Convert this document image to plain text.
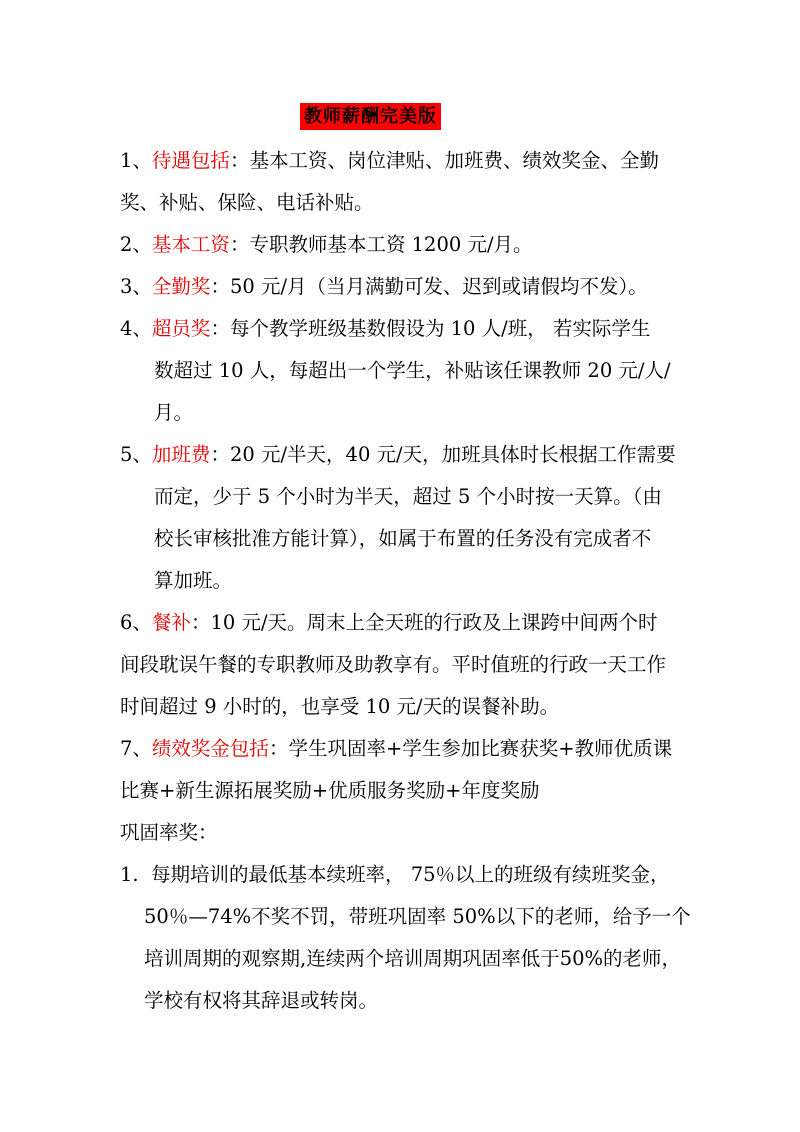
教师薪酬完美版
1、待遇包括：基本工资、岗位津贴、加班费、绩效奖金、全勤
奖、补贴、保险、电话补贴。
2、基本工资：专职教师基本工资 1200 元/月。
3、全勤奖：50 元/月（当月满勤可发、迟到或请假均不发）。
4、超员奖：每个教学班级基数假设为 10 人/班， 若实际学生
数超过 10 人，每超出一个学生，补贴该任课教师 20 元/人/
月。
5、加班费：20 元/半天，40 元/天，加班具体时长根据工作需要
而定，少于 5 个小时为半天，超过 5 个小时按一天算。（由
校长审核批准方能计算），如属于布置的任务没有完成者不
算加班。
6、餐补：10 元/天。周末上全天班的行政及上课跨中间两个时
间段耽误午餐的专职教师及助教享有。平时值班的行政一天工作
时间超过 9 小时的，也享受 10 元/天的误餐补助。
7、绩效奖金包括：学生巩固率+学生参加比赛获奖+教师优质课
比赛+新生源拓展奖励+优质服务奖励+年度奖励
巩固率奖：
1. 每期培训的最低基本续班率， 75％以上的班级有续班奖金，
50％—74%不奖不罚，带班巩固率 50%以下的老师，给予一个
培训周期的观察期,连续两个培训周期巩固率低于50%的老师，
学校有权将其辞退或转岗。
